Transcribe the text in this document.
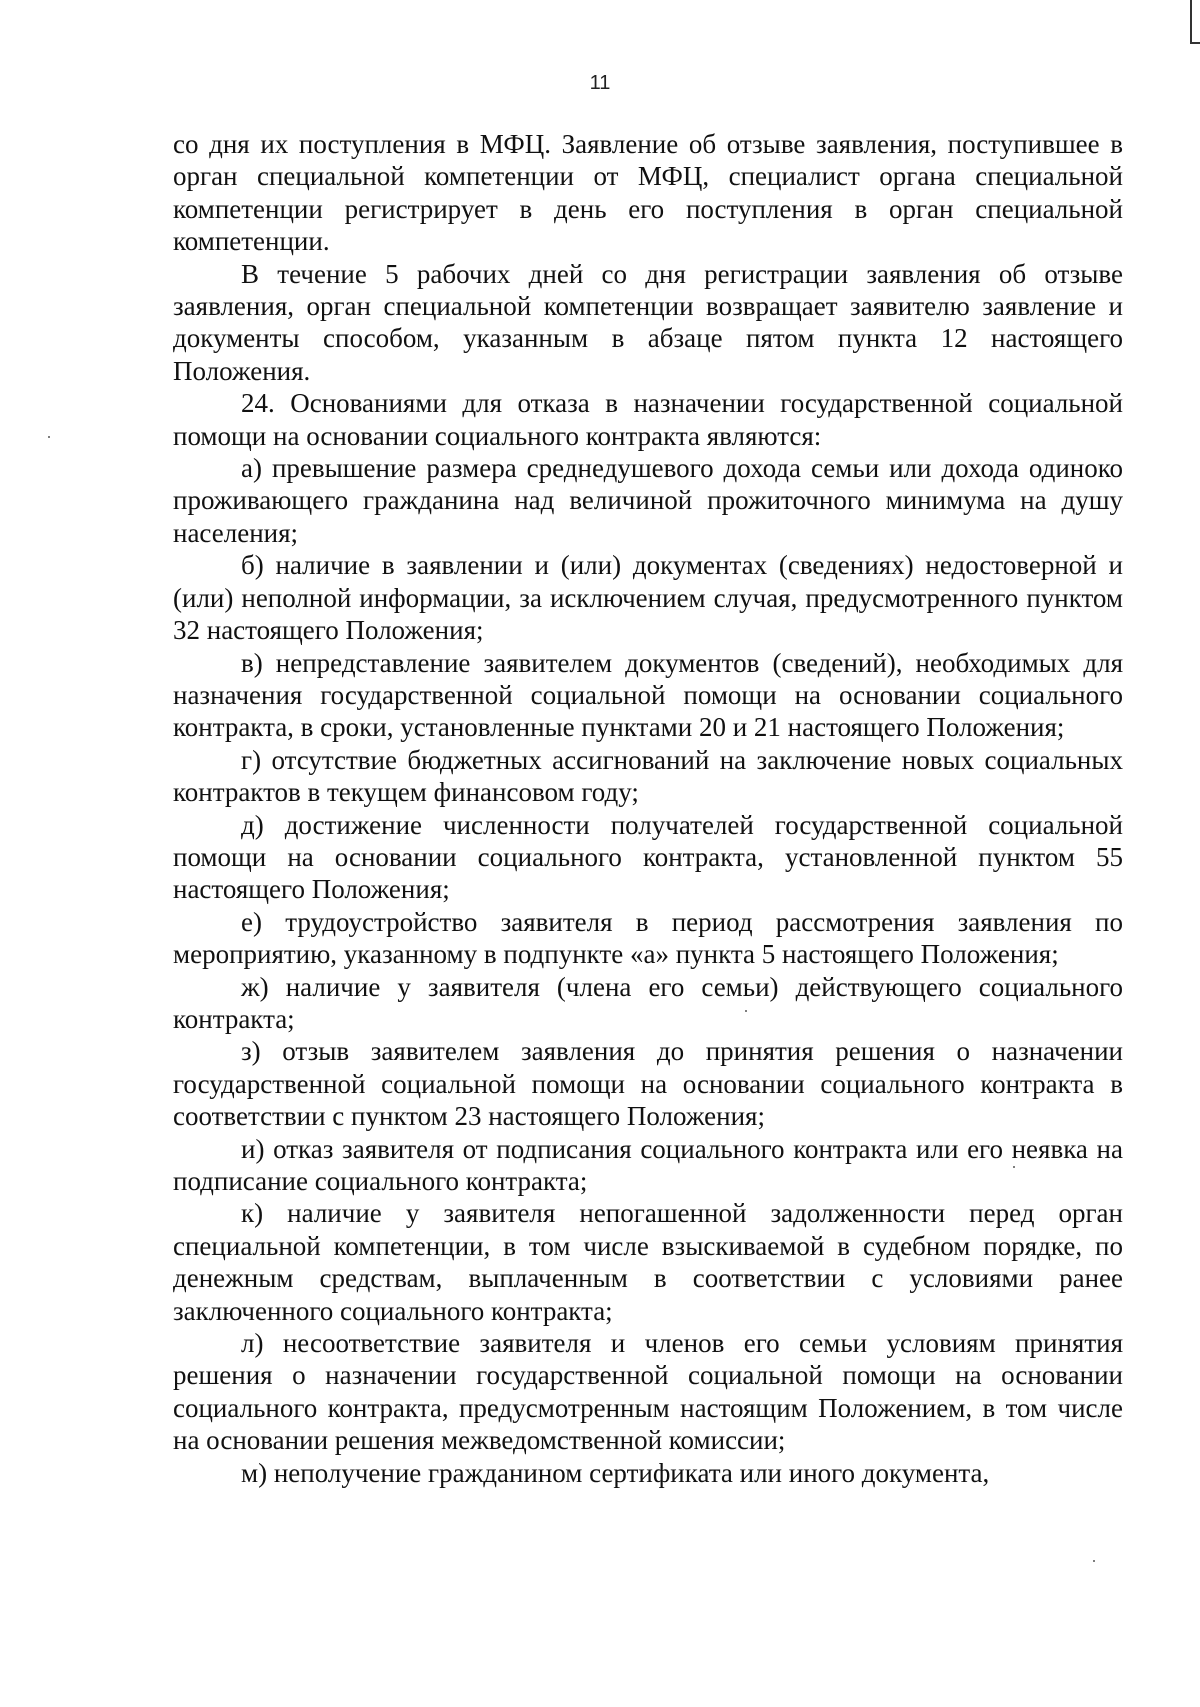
11

со дня их поступления в МФЦ. Заявление об отзыве заявления, поступившее в орган специальной компетенции от МФЦ, специалист органа специальной компетенции регистрирует в день его поступления в орган специальной компетенции.

В течение 5 рабочих дней со дня регистрации заявления об отзыве заявления, орган специальной компетенции возвращает заявителю заявление и документы способом, указанным в абзаце пятом пункта 12 настоящего Положения.

24. Основаниями для отказа в назначении государственной социальной помощи на основании социального контракта являются:

а) превышение размера среднедушевого дохода семьи или дохода одиноко проживающего гражданина над величиной прожиточного минимума на душу населения;

б) наличие в заявлении и (или) документах (сведениях) недостоверной и (или) неполной информации, за исключением случая, предусмотренного пунктом 32 настоящего Положения;

в) непредставление заявителем документов (сведений), необходимых для назначения государственной социальной помощи на основании социального контракта, в сроки, установленные пунктами 20 и 21 настоящего Положения;

г) отсутствие бюджетных ассигнований на заключение новых социальных контрактов в текущем финансовом году;

д) достижение численности получателей государственной социальной помощи на основании социального контракта, установленной пунктом 55 настоящего Положения;

е) трудоустройство заявителя в период рассмотрения заявления по мероприятию, указанному в подпункте «а» пункта 5 настоящего Положения;

ж) наличие у заявителя (члена его семьи) действующего социального контракта;

з) отзыв заявителем заявления до принятия решения о назначении государственной социальной помощи на основании социального контракта в соответствии с пунктом 23 настоящего Положения;

и) отказ заявителя от подписания социального контракта или его неявка на подписание социального контракта;

к) наличие у заявителя непогашенной задолженности перед орган специальной компетенции, в том числе взыскиваемой в судебном порядке, по денежным средствам, выплаченным в соответствии с условиями ранее заключенного социального контракта;

л) несоответствие заявителя и членов его семьи условиям принятия решения о назначении государственной социальной помощи на основании социального контракта, предусмотренным настоящим Положением, в том числе на основании решения межведомственной комиссии;

м) неполучение гражданином сертификата или иного документа,
